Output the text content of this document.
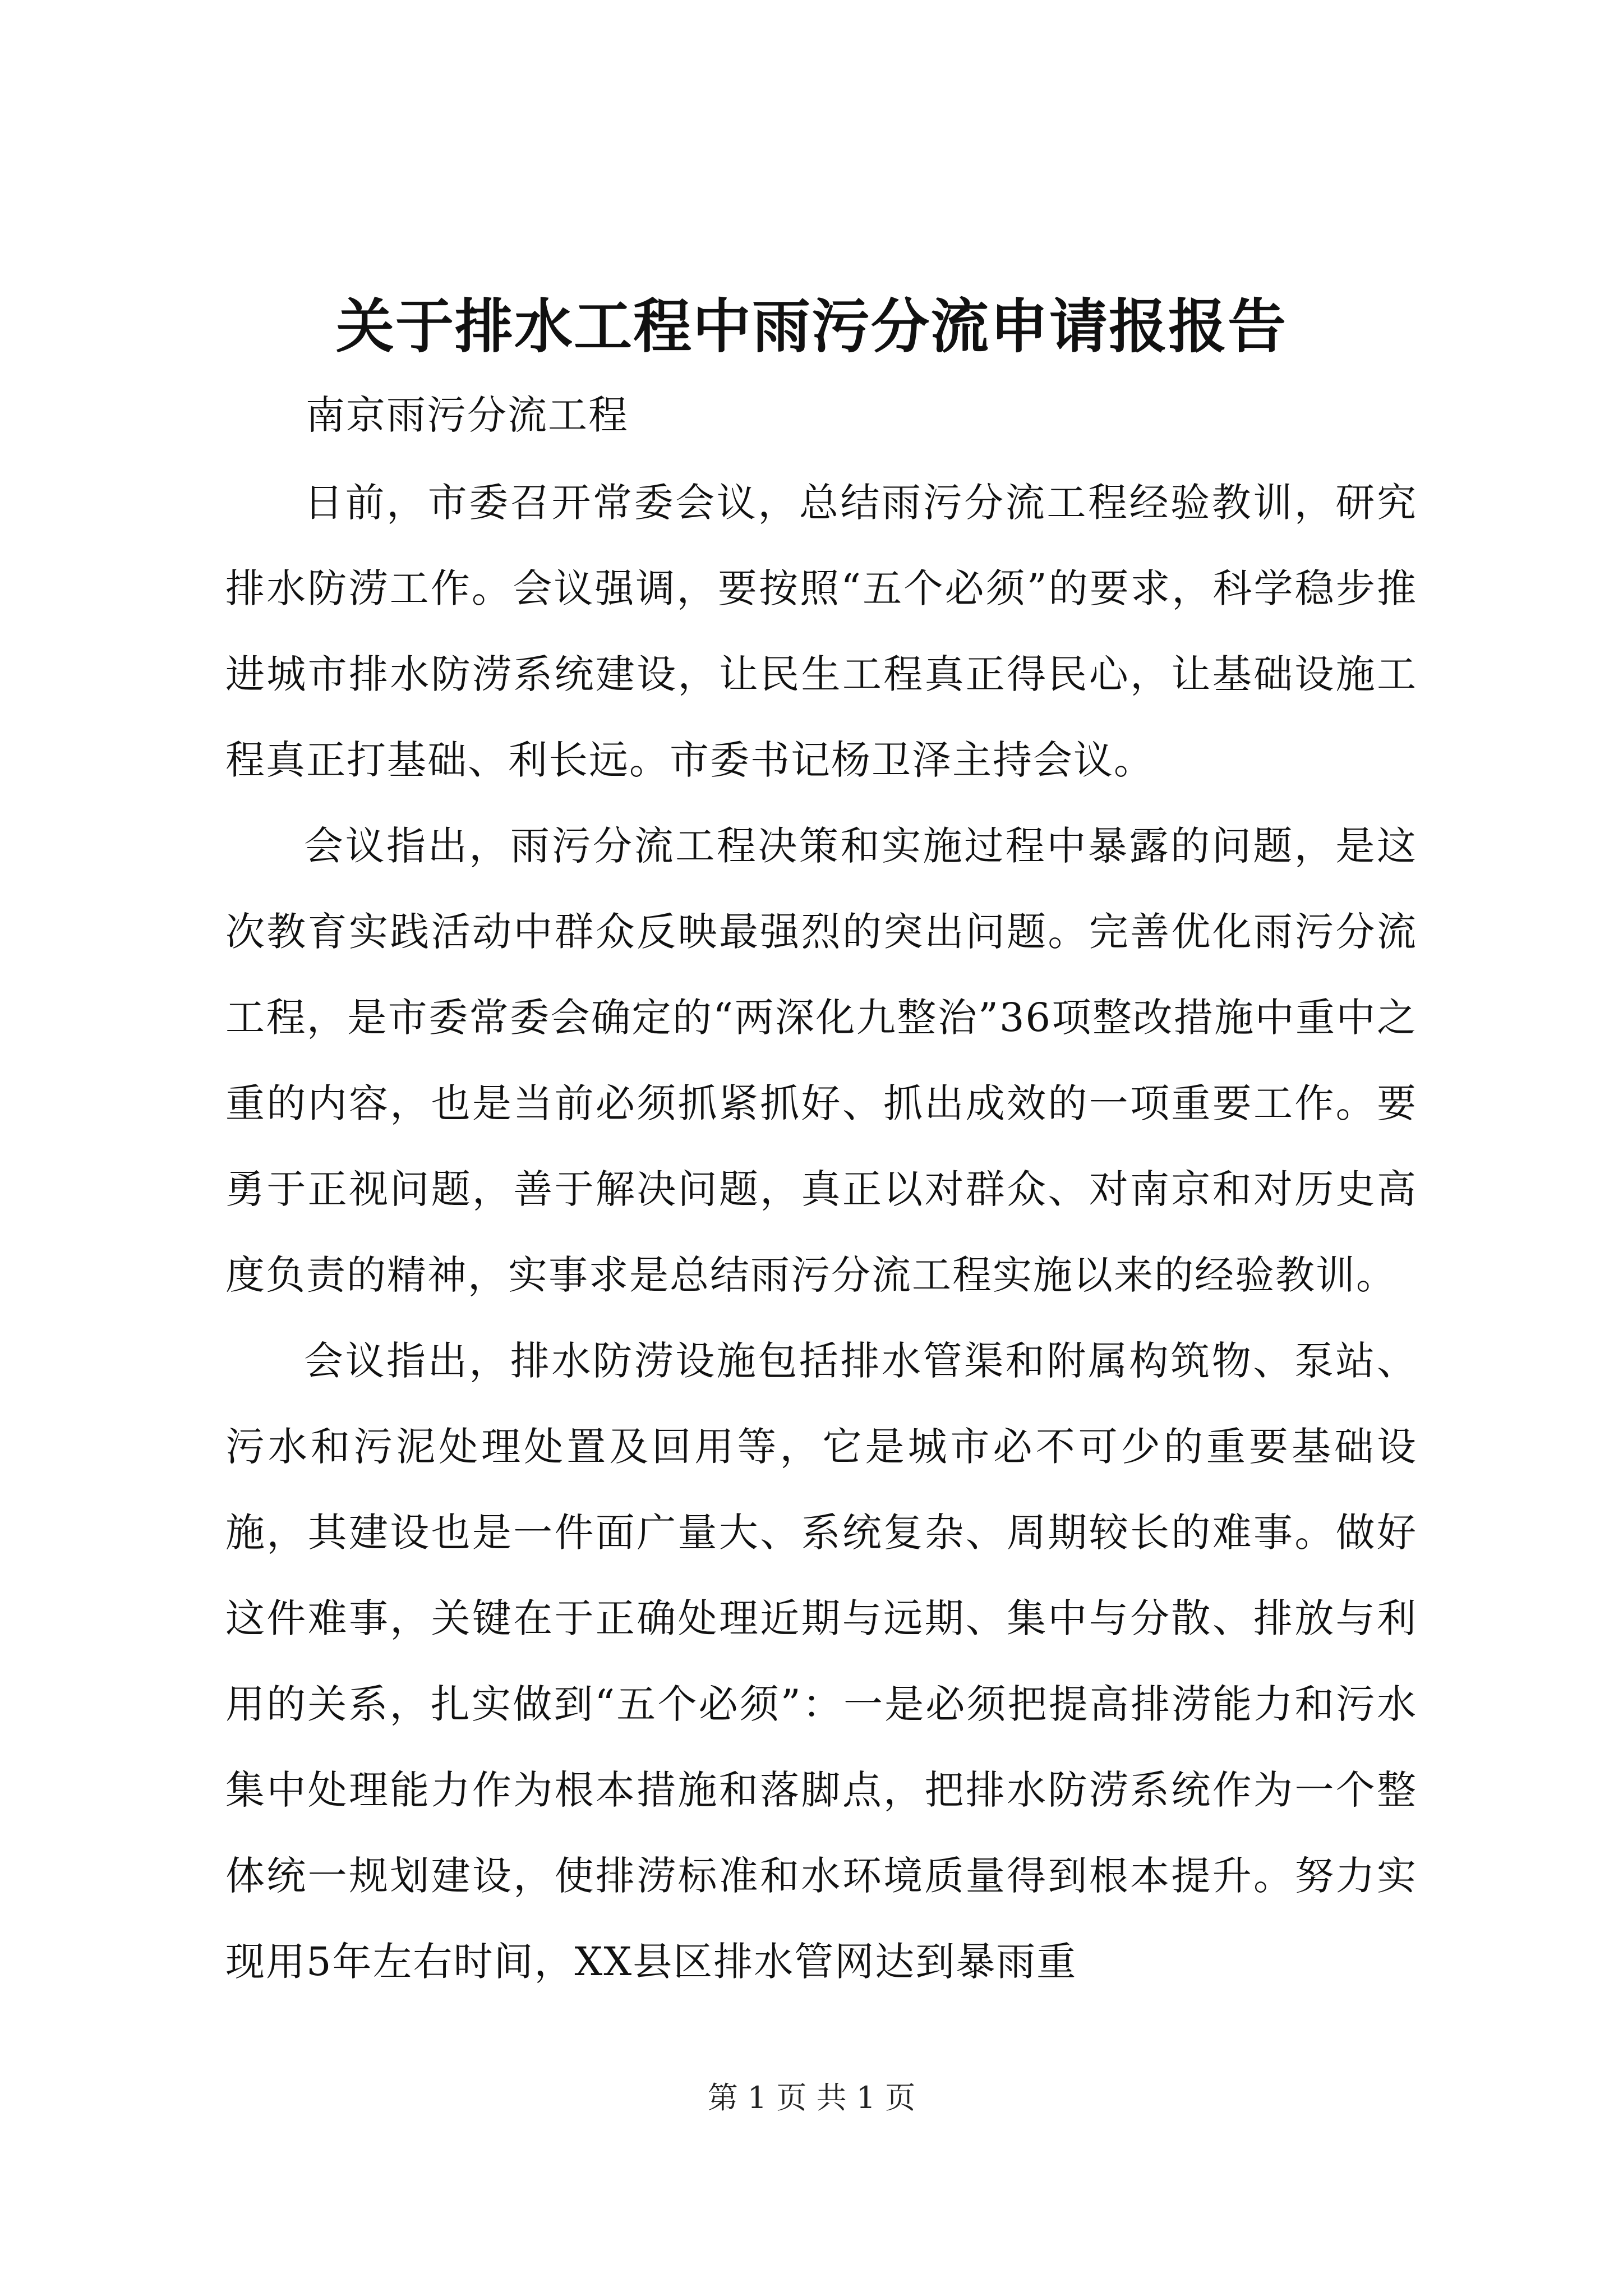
关于排水工程中雨污分流申请报报告

南京雨污分流工程

日前，市委召开常委会议，总结雨污分流工程经验教训，研究排水防涝工作。会议强调，要按照“五个必须”的要求，科学稳步推进城市排水防涝系统建设，让民生工程真正得民心，让基础设施工程真正打基础、利长远。市委书记杨卫泽主持会议。

会议指出，雨污分流工程决策和实施过程中暴露的问题，是这次教育实践活动中群众反映最强烈的突出问题。完善优化雨污分流工程，是市委常委会确定的“两深化九整治”36项整改措施中重中之重的内容，也是当前必须抓紧抓好、抓出成效的一项重要工作。要勇于正视问题，善于解决问题，真正以对群众、对南京和对历史高度负责的精神，实事求是总结雨污分流工程实施以来的经验教训。

会议指出，排水防涝设施包括排水管渠和附属构筑物、泵站、污水和污泥处理处置及回用等，它是城市必不可少的重要基础设施，其建设也是一件面广量大、系统复杂、周期较长的难事。做好这件难事，关键在于正确处理近期与远期、集中与分散、排放与利用的关系，扎实做到“五个必须”：一是必须把提高排涝能力和污水集中处理能力作为根本措施和落脚点，把排水防涝系统作为一个整体统一规划建设，使排涝标准和水环境质量得到根本提升。努力实现用5年左右时间，XX县区排水管网达到暴雨重

第 1 页 共 1 页
